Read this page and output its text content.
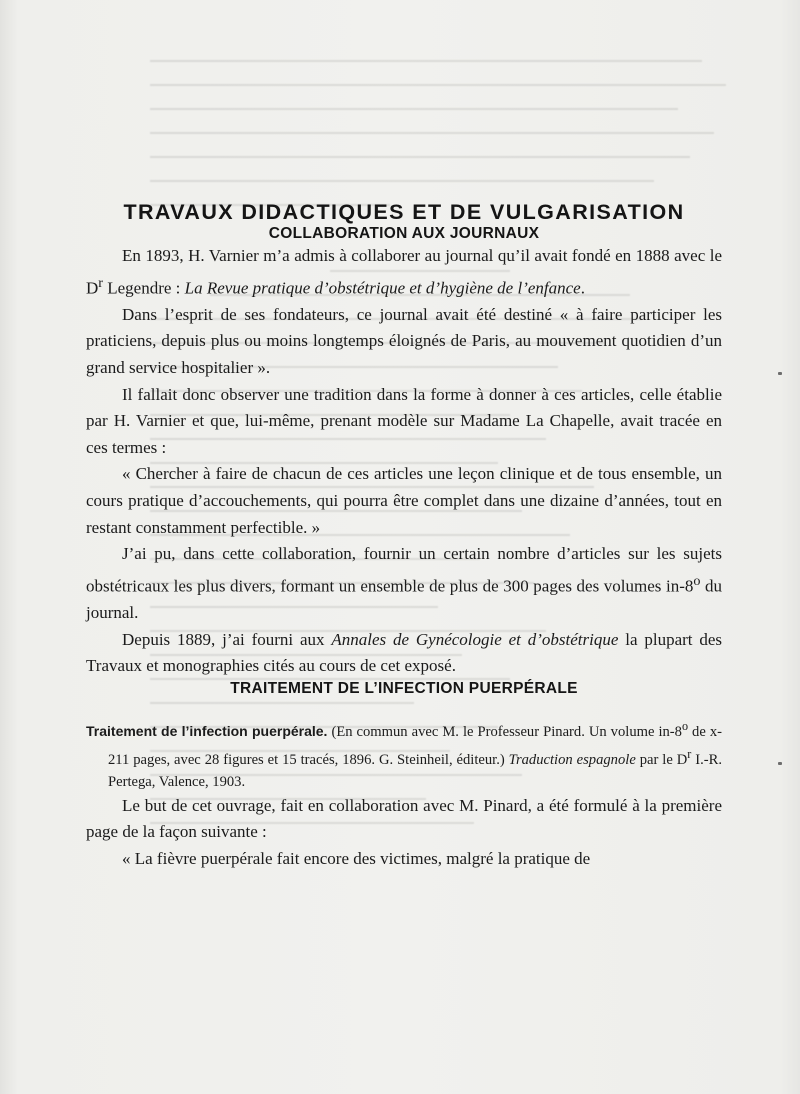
TRAVAUX DIDACTIQUES ET DE VULGARISATION
COLLABORATION AUX JOURNAUX

En 1893, H. Varnier m’a admis à collaborer au journal qu’il avait fondé en 1888 avec le $D^r$ Legendre : La Revue pratique d’obstétrique et d’hygiène de l’enfance.

Dans l’esprit de ses fondateurs, ce journal avait été destiné « à faire participer les praticiens, depuis plus ou moins longtemps éloignés de Paris, au mouvement quotidien d’un grand service hospitalier ».

Il fallait donc observer une tradition dans la forme à donner à ces articles, celle établie par H. Varnier et que, lui-même, prenant modèle sur Madame La Chapelle, avait tracée en ces termes :

« Chercher à faire de chacun de ces articles une leçon clinique et de tous ensemble, un cours pratique d’accouchements, qui pourra être complet dans une dizaine d’années, tout en restant constamment perfectible. »

J’ai pu, dans cette collaboration, fournir un certain nombre d’articles sur les sujets obstétricaux les plus divers, formant un ensemble de plus de 300 pages des volumes in-8$^o$ du journal.

Depuis 1889, j’ai fourni aux Annales de Gynécologie et d’obstétrique la plupart des Travaux et monographies cités au cours de cet exposé.

TRAITEMENT DE L’INFECTION PUERPÉRALE

Traitement de l’infection puerpérale. (En commun avec M. le Professeur Pinard. Un volume in-8$^o$ de x-211 pages, avec 28 figures et 15 tracés, 1896. G. Steinheil, éditeur.) Traduction espagnole par le $D^r$ I.-R. Pertega, Valence, 1903.

Le but de cet ouvrage, fait en collaboration avec M. Pinard, a été formulé à la première page de la façon suivante :

« La fièvre puerpérale fait encore des victimes, malgré la pratique de
